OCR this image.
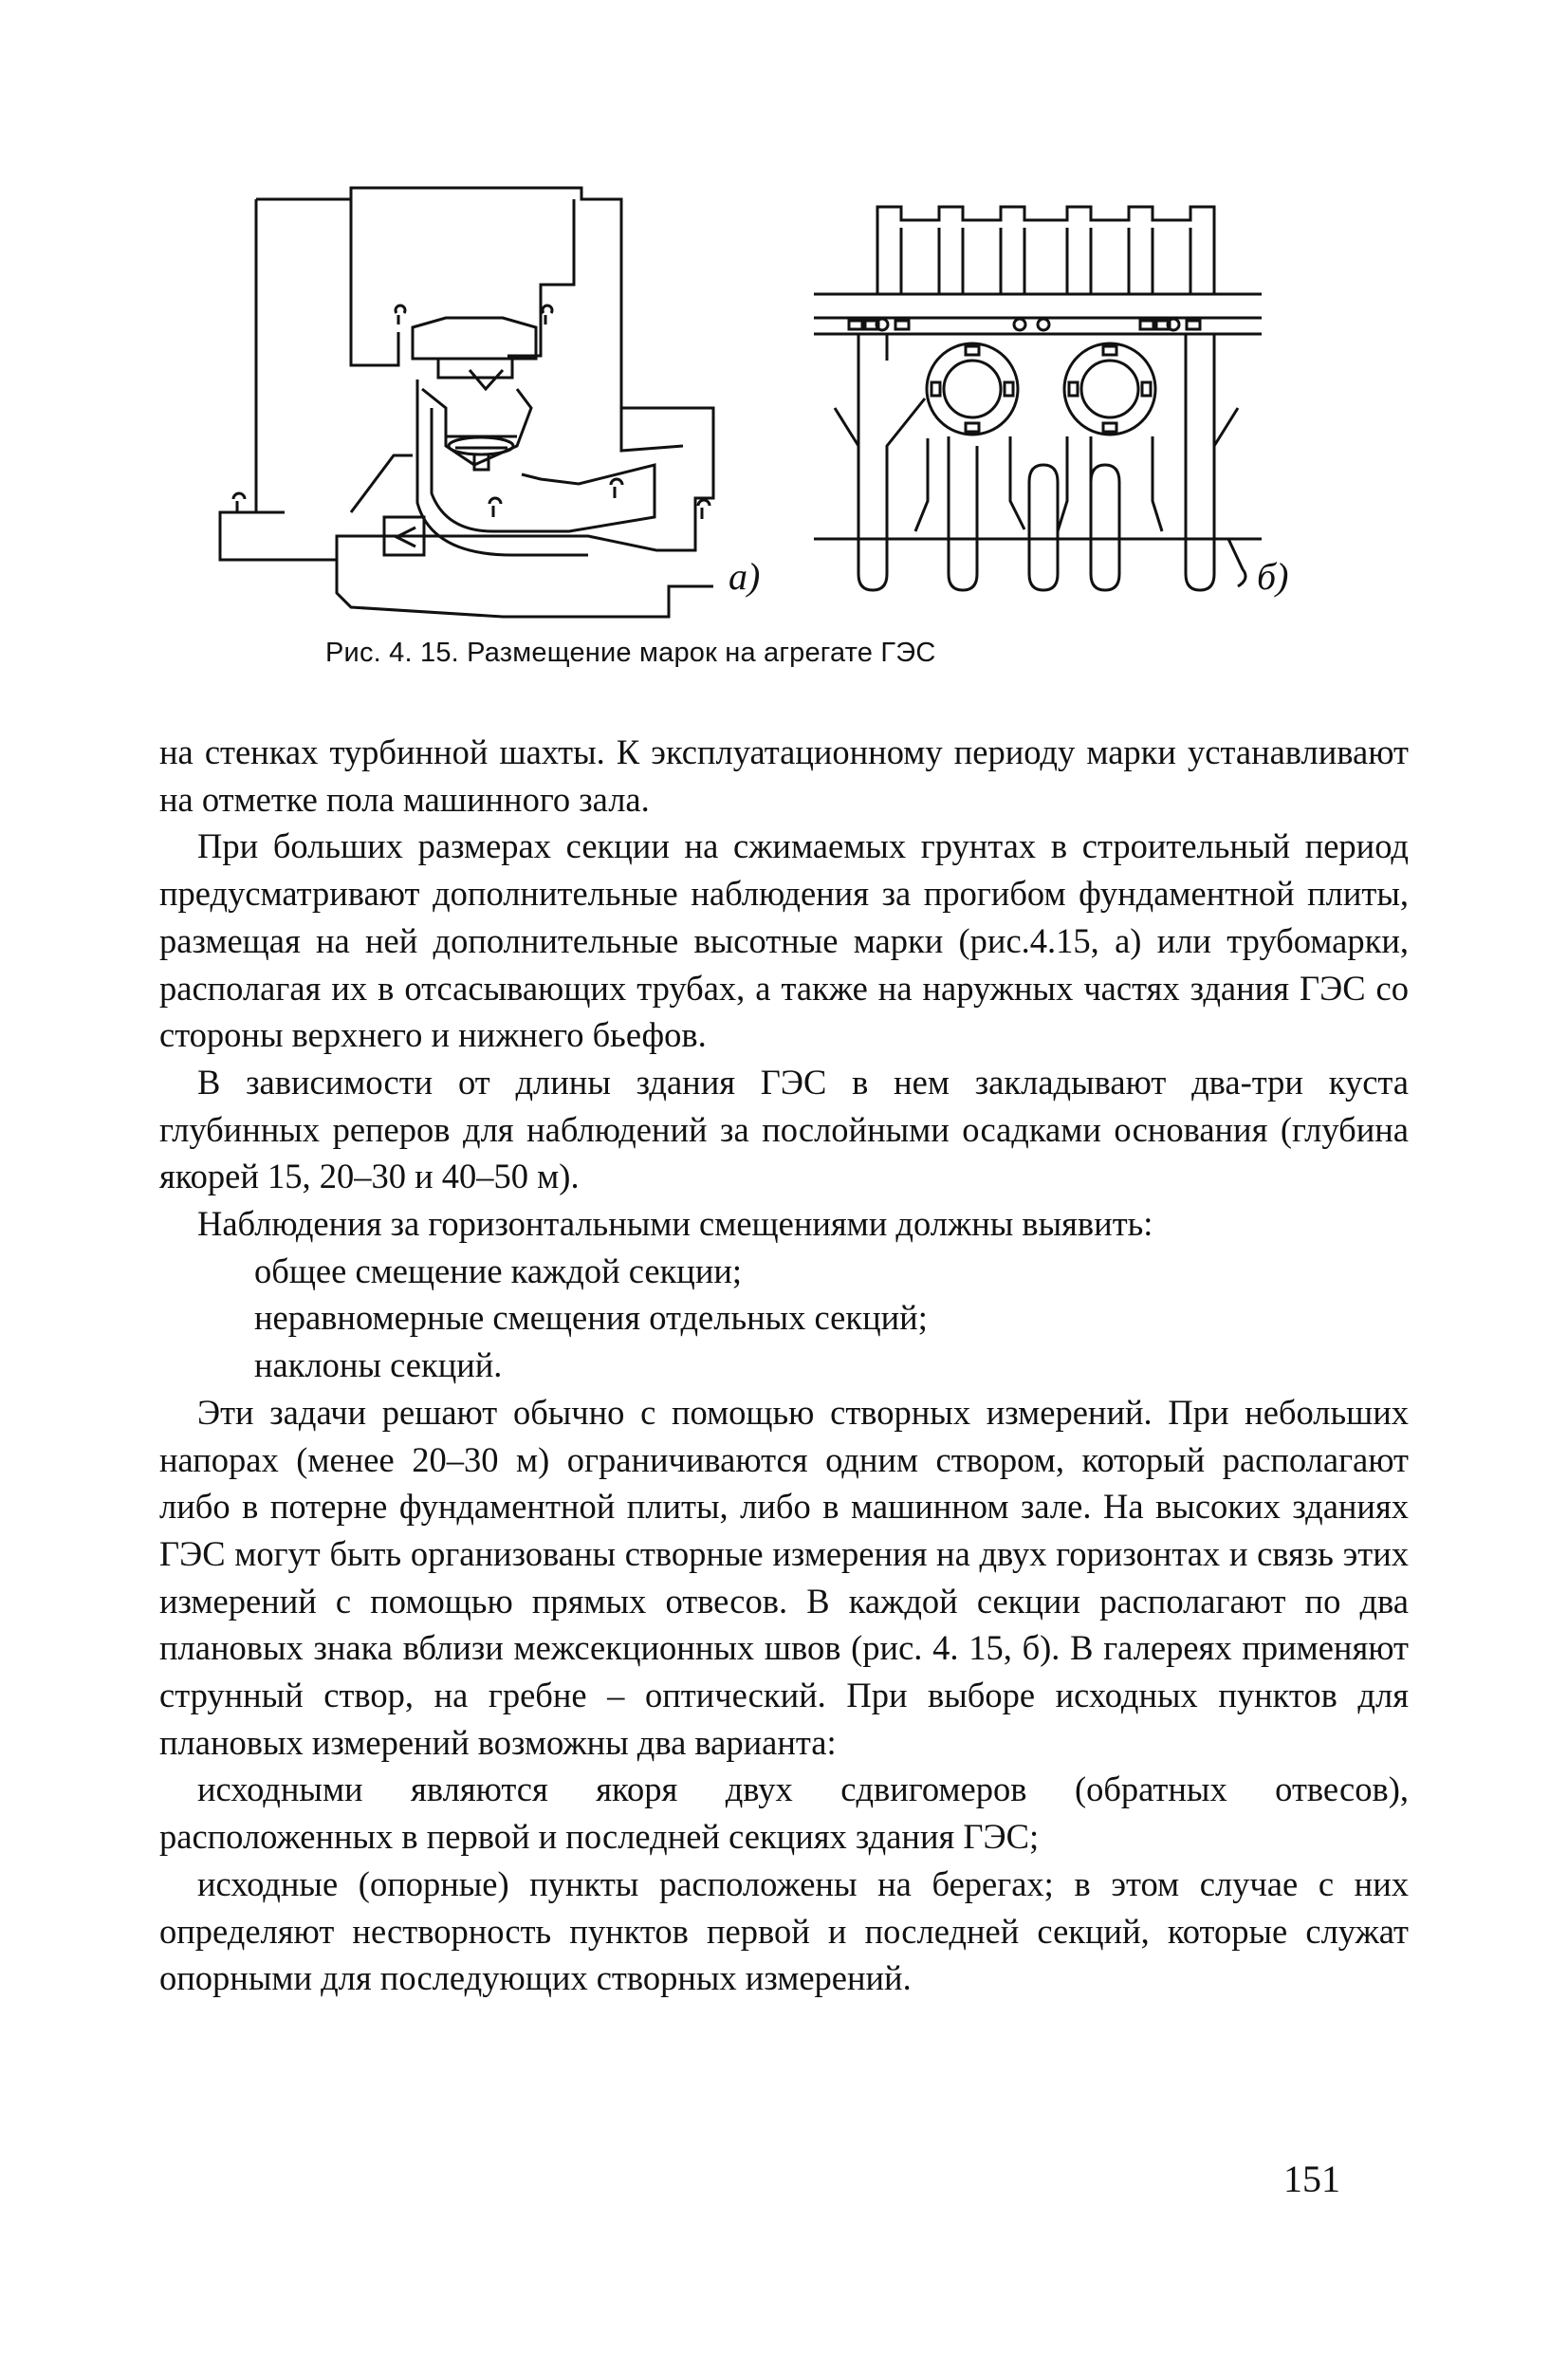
а)	б)
Рис. 4. 15. Размещение марок на агрегате ГЭС

на стенках турбинной шахты. К эксплуатационному периоду марки устанавливают на отметке пола машинного зала.

При больших размерах секции на сжимаемых грунтах в строительный период предусматривают дополнительные наблюдения за прогибом фундаментной плиты, размещая на ней дополнительные высотные марки (рис.4.15, а) или трубомарки, располагая их в отсасывающих трубах, а также на наружных частях здания ГЭС со стороны верхнего и нижнего бьефов.

В зависимости от длины здания ГЭС в нем закладывают два-три куста глубинных реперов для наблюдений за послойными осадками основания (глубина якорей 15, 20–30 и 40–50 м).

Наблюдения за горизонтальными смещениями должны выявить:

общее смещение каждой секции;

неравномерные смещения отдельных секций;

наклоны секций.

Эти задачи решают обычно с помощью створных измерений. При небольших напорах (менее 20–30 м) ограничиваются одним створом, который располагают либо в потерне фундаментной плиты, либо в машинном зале. На высоких зданиях ГЭС могут быть организованы створные измерения на двух горизонтах и связь этих измерений с помощью прямых отвесов. В каждой секции располагают по два плановых знака вблизи межсекционных швов (рис. 4. 15, б). В галереях применяют струнный створ, на гребне – оптический. При выборе исходных пунктов для плановых измерений возможны два варианта:

исходными являются якоря двух сдвигомеров (обратных отвесов), расположенных в первой и последней секциях здания ГЭС;

исходные (опорные) пункты расположены на берегах; в этом случае с них определяют нестворность пунктов первой и последней секций, которые служат опорными для последующих створных измерений.

151
